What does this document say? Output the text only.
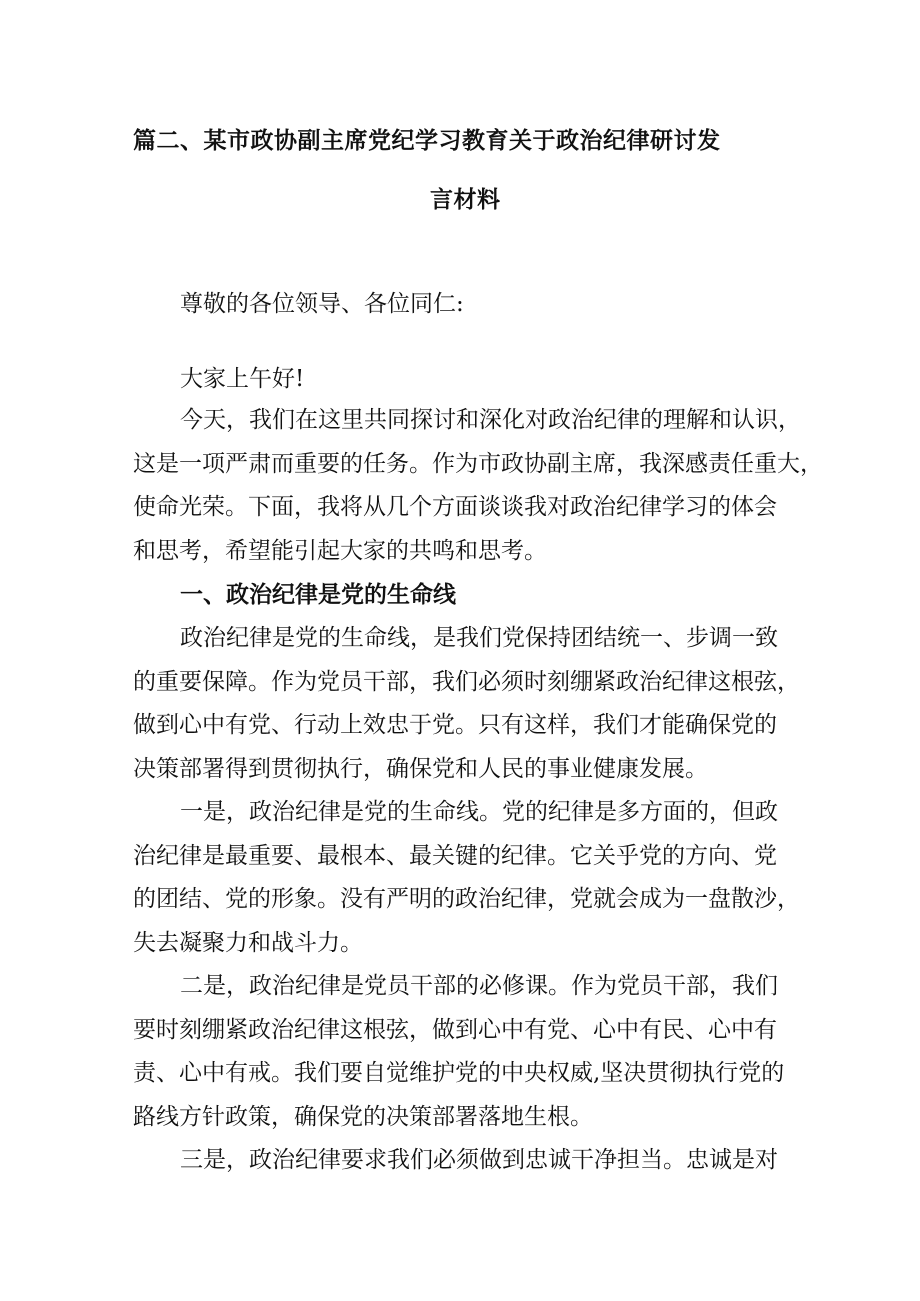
篇二、某市政协副主席党纪学习教育关于政治纪律研讨发
言材料
尊敬的各位领导、各位同仁:
大家上午好!
今天，我们在这里共同探讨和深化对政治纪律的理解和认识，
这是一项严肃而重要的任务。作为市政协副主席，我深感责任重大，
使命光荣。下面，我将从几个方面谈谈我对政治纪律学习的体会
和思考，希望能引起大家的共鸣和思考。
一、政治纪律是党的生命线
政治纪律是党的生命线，是我们党保持团结统一、步调一致
的重要保障。作为党员干部，我们必须时刻绷紧政治纪律这根弦，
做到心中有党、行动上效忠于党。只有这样，我们才能确保党的
决策部署得到贯彻执行，确保党和人民的事业健康发展。
一是，政治纪律是党的生命线。党的纪律是多方面的，但政
治纪律是最重要、最根本、最关键的纪律。它关乎党的方向、党
的团结、党的形象。没有严明的政治纪律，党就会成为一盘散沙，
失去凝聚力和战斗力。
二是，政治纪律是党员干部的必修课。作为党员干部，我们
要时刻绷紧政治纪律这根弦，做到心中有党、心中有民、心中有
责、心中有戒。我们要自觉维护党的中央权威,坚决贯彻执行党的
路线方针政策，确保党的决策部署落地生根。
三是，政治纪律要求我们必须做到忠诚干净担当。忠诚是对
